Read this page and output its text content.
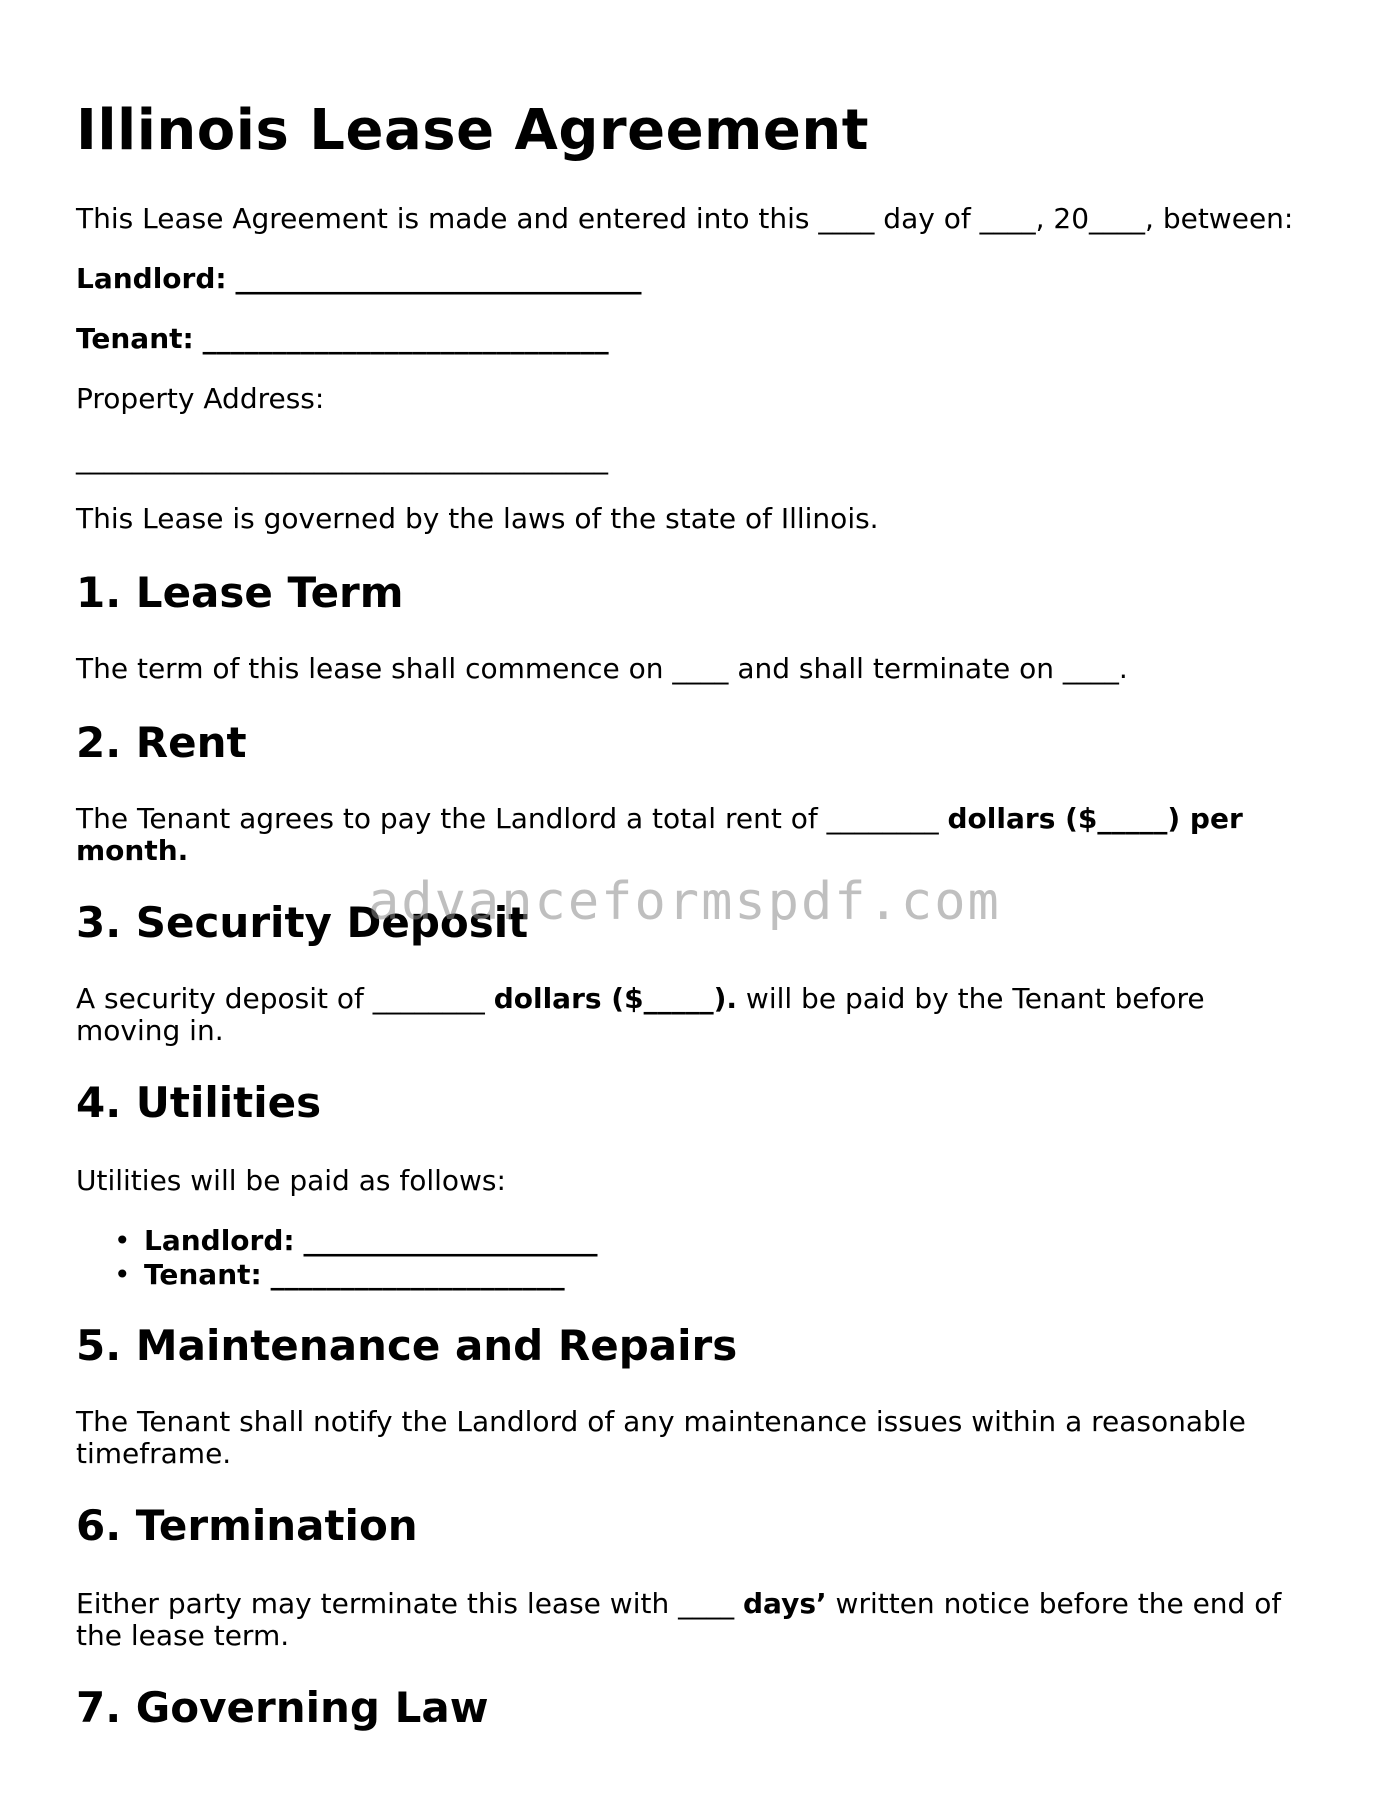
Illinois Lease Agreement

This Lease Agreement is made and entered into this ____ day of ____, 20____, between:

Landlord: _____________________________

Tenant: _____________________________

Property Address:

______________________________________

This Lease is governed by the laws of the state of Illinois.

1. Lease Term

The term of this lease shall commence on ____ and shall terminate on ____.

2. Rent

The Tenant agrees to pay the Landlord a total rent of ________ dollars ($_____) per month.

3. Security Deposit

A security deposit of ________ dollars ($_____). will be paid by the Tenant before moving in.

4. Utilities

Utilities will be paid as follows:

• Landlord: _____________________
• Tenant: _____________________
5. Maintenance and Repairs

The Tenant shall notify the Landlord of any maintenance issues within a reasonable timeframe.

6. Termination

Either party may terminate this lease with ____ days’ written notice before the end of the lease term.

7. Governing Law
advanceformspdf.com
